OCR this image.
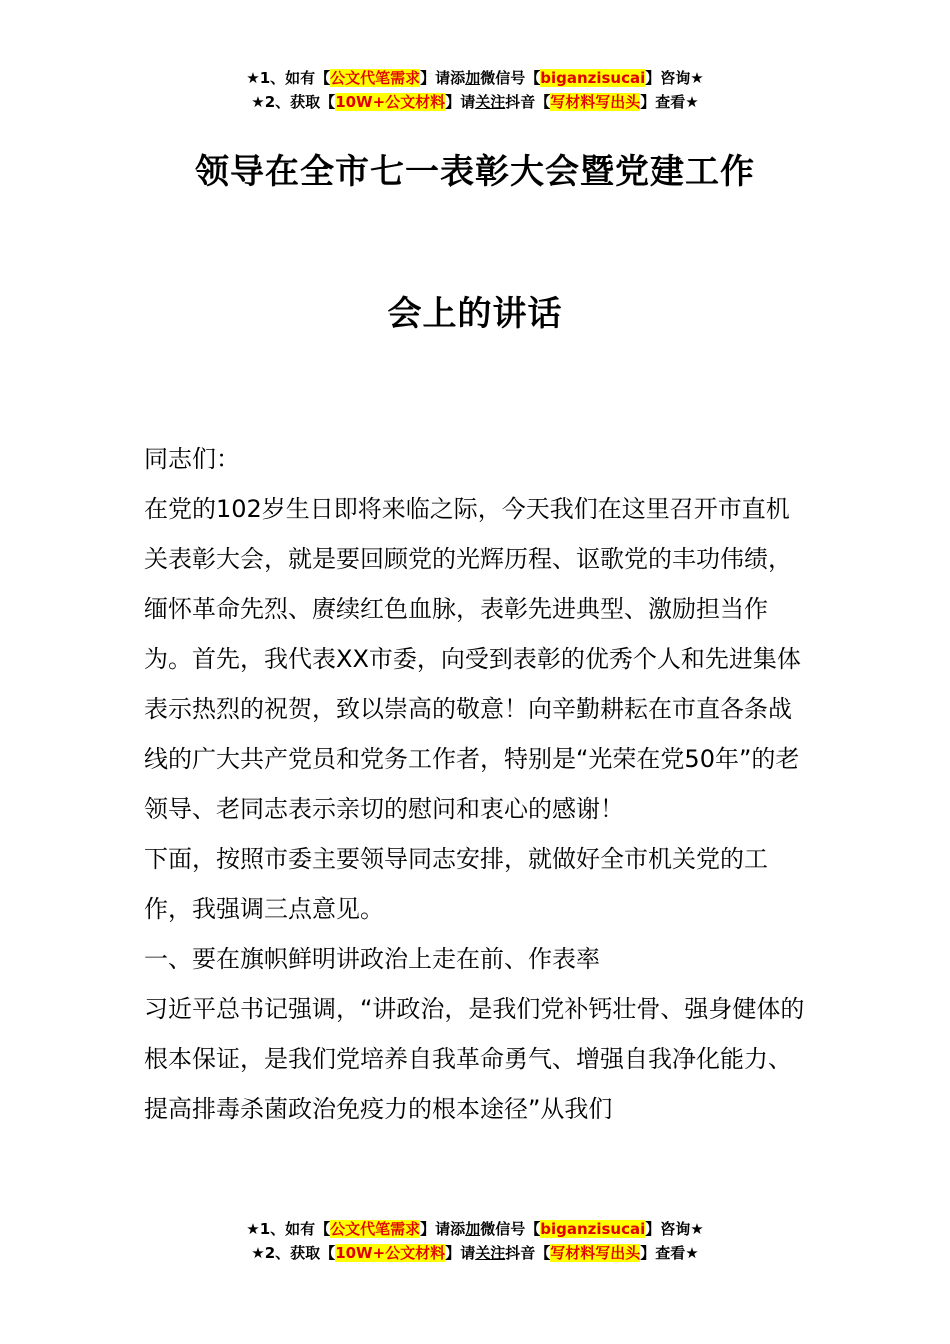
★1、如有【公文代笔需求】请添加微信号【biganzisucai】咨询★
★2、获取【10W+公文材料】请关注抖音【写材料写出头】查看★
领导在全市七一表彰大会暨党建工作
会上的讲话

同志们：

在党的102岁生日即将来临之际，今天我们在这里召开市直机关表彰大会，就是要回顾党的光辉历程、讴歌党的丰功伟绩，缅怀革命先烈、赓续红色血脉，表彰先进典型、激励担当作为。首先，我代表XX市委，向受到表彰的优秀个人和先进集体表示热烈的祝贺，致以崇高的敬意！向辛勤耕耘在市直各条战线的广大共产党员和党务工作者，特别是“光荣在党50年”的老领导、老同志表示亲切的慰问和衷心的感谢！

下面，按照市委主要领导同志安排，就做好全市机关党的工作，我强调三点意见。

一、要在旗帜鲜明讲政治上走在前、作表率

习近平总书记强调，“讲政治，是我们党补钙壮骨、强身健体的根本保证，是我们党培养自我革命勇气、增强自我净化能力、提高排毒杀菌政治免疫力的根本途径”从我们

★1、如有【公文代笔需求】请添加微信号【biganzisucai】咨询★
★2、获取【10W+公文材料】请关注抖音【写材料写出头】查看★
